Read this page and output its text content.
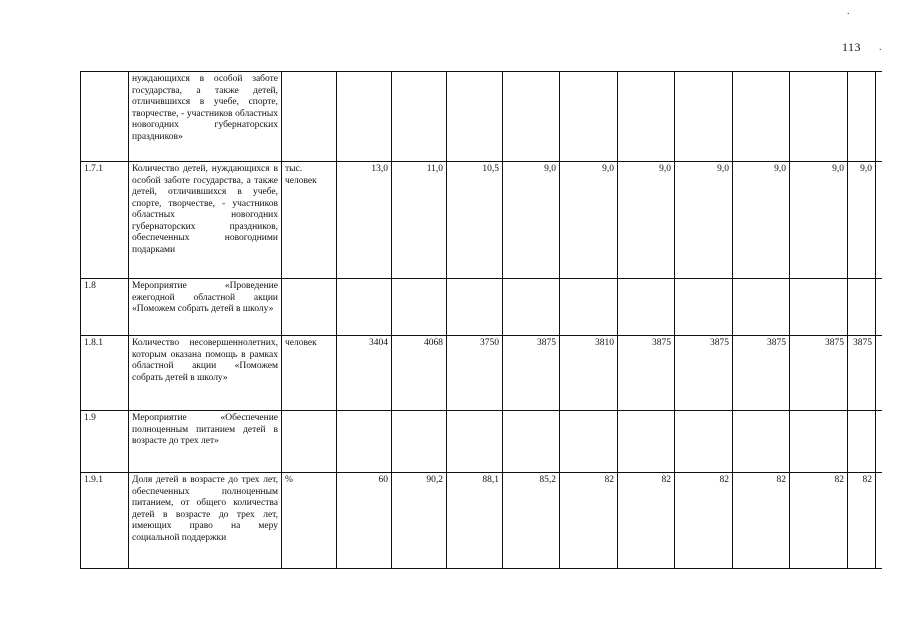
.
113 .
	нуждающихся в особой заботе государства, а также детей, отличившихся в учебе, спорте, творчестве, - участников областных новогодних губернаторских праздников»												
1.7.1	Количество детей, нуждающихся в особой заботе государства, а также детей, отличившихся в учебе, спорте, творчестве, - участников областных новогодних губернаторских праздников, обеспеченных новогодними подарками	тыс. человек	13,0	11,0	10,5	9,0	9,0	9,0	9,0	9,0	9,0	9,0	
1.8	Мероприятие «Проведение ежегодной областной акции «Поможем собрать детей в школу»												
1.8.1	Количество несовершеннолетних, которым оказана помощь в рамках областной акции «Поможем собрать детей в школу»	человек	3404	4068	3750	3875	3810	3875	3875	3875	3875	3875	
1.9	Мероприятие «Обеспечение полноценным питанием детей в возрасте до трех лет»												
1.9.1	Доля детей в возрасте до трех лет, обеспеченных полноценным питанием, от общего количества детей в возрасте до трех лет, имеющих право на меру социальной поддержки	%	60	90,2	88,1	85,2	82	82	82	82	82	82	
